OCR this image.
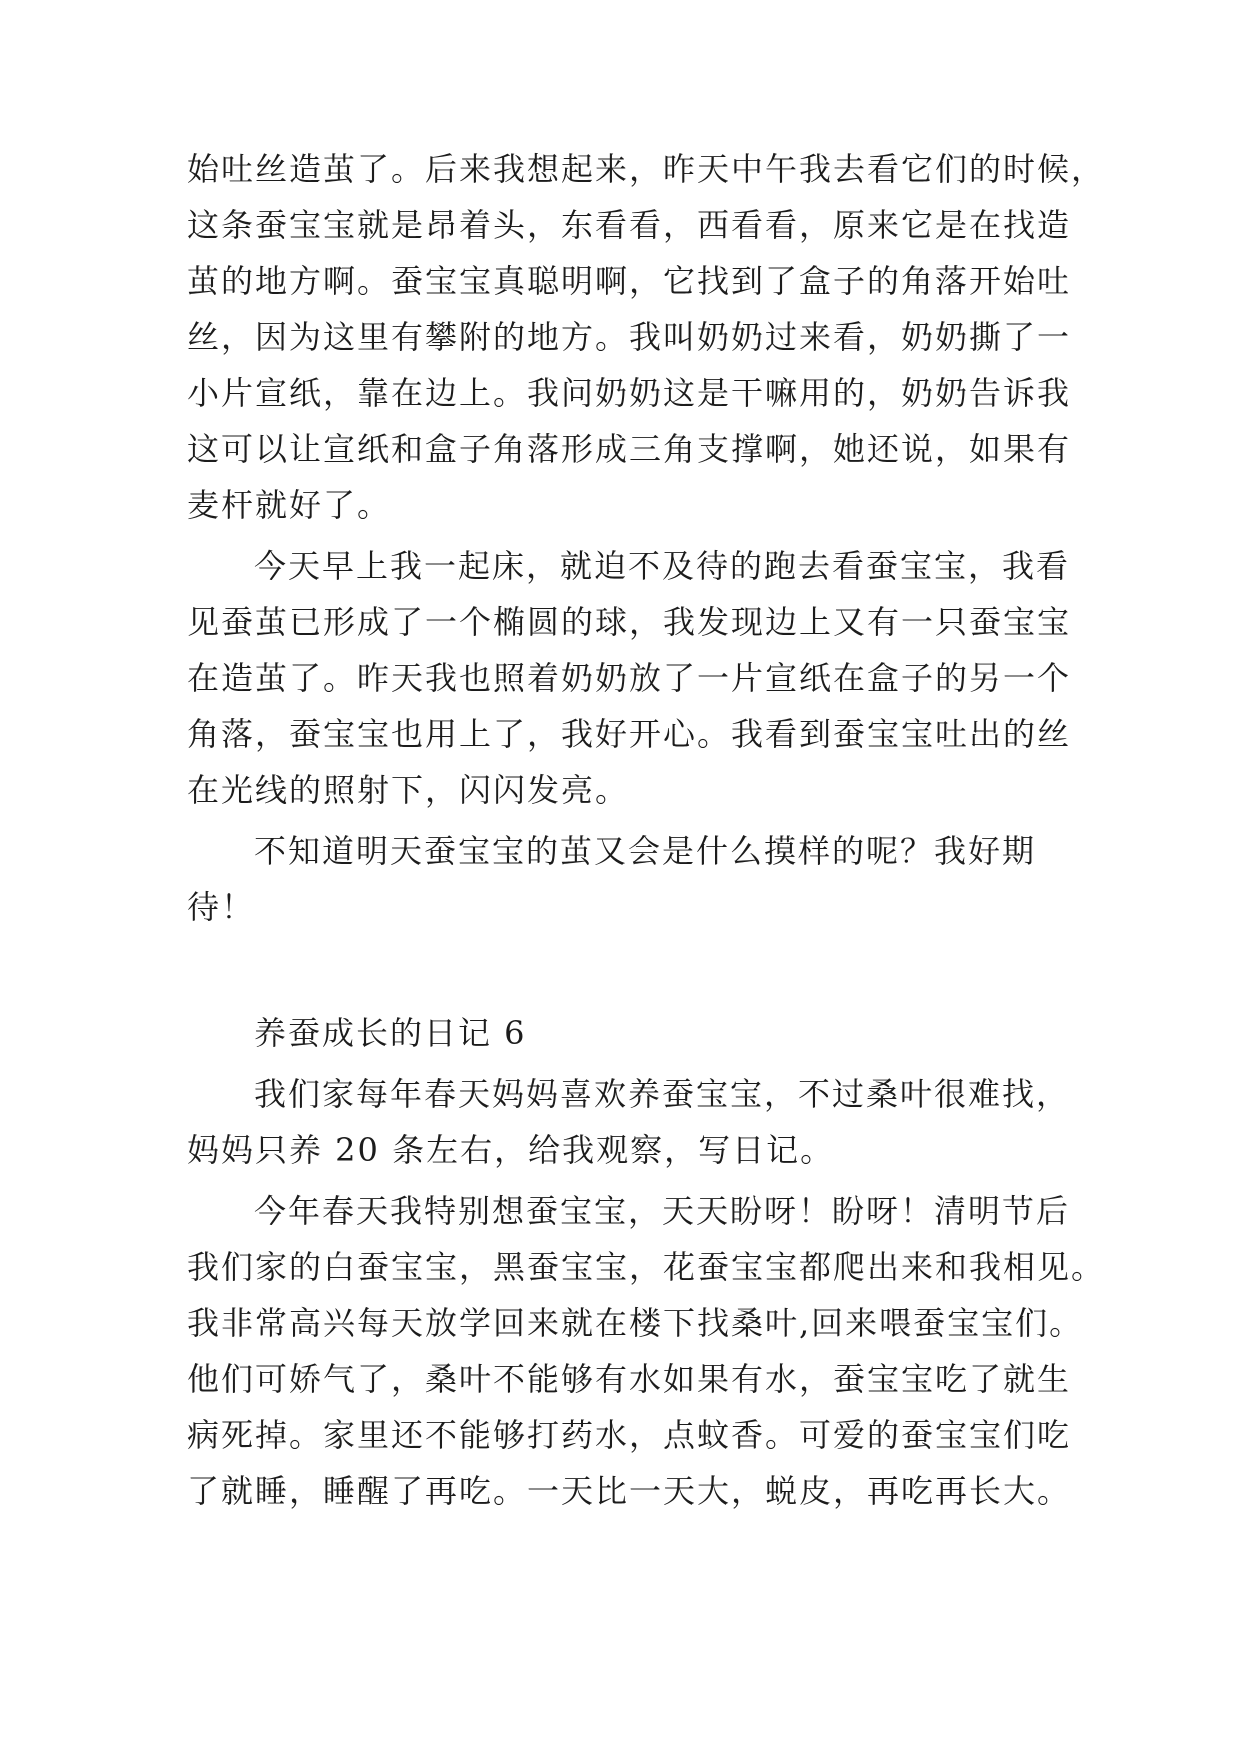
始吐丝造茧了。后来我想起来，昨天中午我去看它们的时候，
这条蚕宝宝就是昂着头，东看看，西看看，原来它是在找造
茧的地方啊。蚕宝宝真聪明啊，它找到了盒子的角落开始吐
丝，因为这里有攀附的地方。我叫奶奶过来看，奶奶撕了一
小片宣纸，靠在边上。我问奶奶这是干嘛用的，奶奶告诉我
这可以让宣纸和盒子角落形成三角支撑啊，她还说，如果有
麦杆就好了。
今天早上我一起床，就迫不及待的跑去看蚕宝宝，我看
见蚕茧已形成了一个椭圆的球，我发现边上又有一只蚕宝宝
在造茧了。昨天我也照着奶奶放了一片宣纸在盒子的另一个
角落，蚕宝宝也用上了，我好开心。我看到蚕宝宝吐出的丝
在光线的照射下，闪闪发亮。
不知道明天蚕宝宝的茧又会是什么摸样的呢？我好期
待！
养蚕成长的日记 6
我们家每年春天妈妈喜欢养蚕宝宝，不过桑叶很难找，
妈妈只养 20 条左右，给我观察，写日记。
今年春天我特别想蚕宝宝，天天盼呀！盼呀！清明节后
我们家的白蚕宝宝，黑蚕宝宝，花蚕宝宝都爬出来和我相见。
我非常高兴每天放学回来就在楼下找桑叶,回来喂蚕宝宝们。
他们可娇气了，桑叶不能够有水如果有水，蚕宝宝吃了就生
病死掉。家里还不能够打药水，点蚊香。可爱的蚕宝宝们吃
了就睡，睡醒了再吃。一天比一天大，蜕皮，再吃再长大。
